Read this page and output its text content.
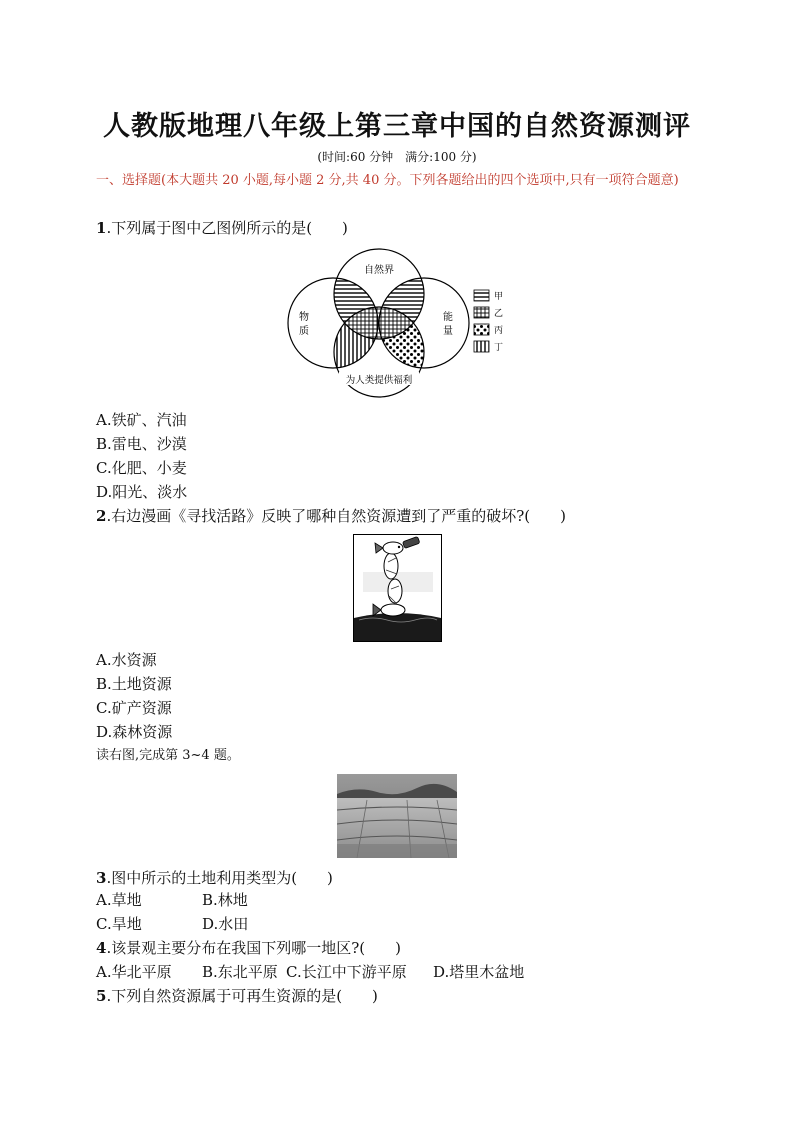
人教版地理八年级上第三章中国的自然资源测评
(时间:60 分钟　满分:100 分)
一、选择题(本大题共 20 小题,每小题 2 分,共 40 分。下列各题给出的四个选项中,只有一项符合题意)
1.下列属于图中乙图例所示的是(　　)
自然界
物
质
能
量
为人类提供福利
甲
乙
丙
丁
A.铁矿、汽油
B.雷电、沙漠
C.化肥、小麦
D.阳光、淡水
2.右边漫画《寻找活路》反映了哪种自然资源遭到了严重的破坏?(　　)
A.水资源
B.土地资源
C.矿产资源
D.森林资源
读右图,完成第 3~4 题。
3.图中所示的土地利用类型为(　　)
A.草地	B.林地
C.旱地	D.水田
4.该景观主要分布在我国下列哪一地区?(　　)
A.华北平原 B.东北平原 C.长江中下游平原 D.塔里木盆地
5.下列自然资源属于可再生资源的是(　　)
